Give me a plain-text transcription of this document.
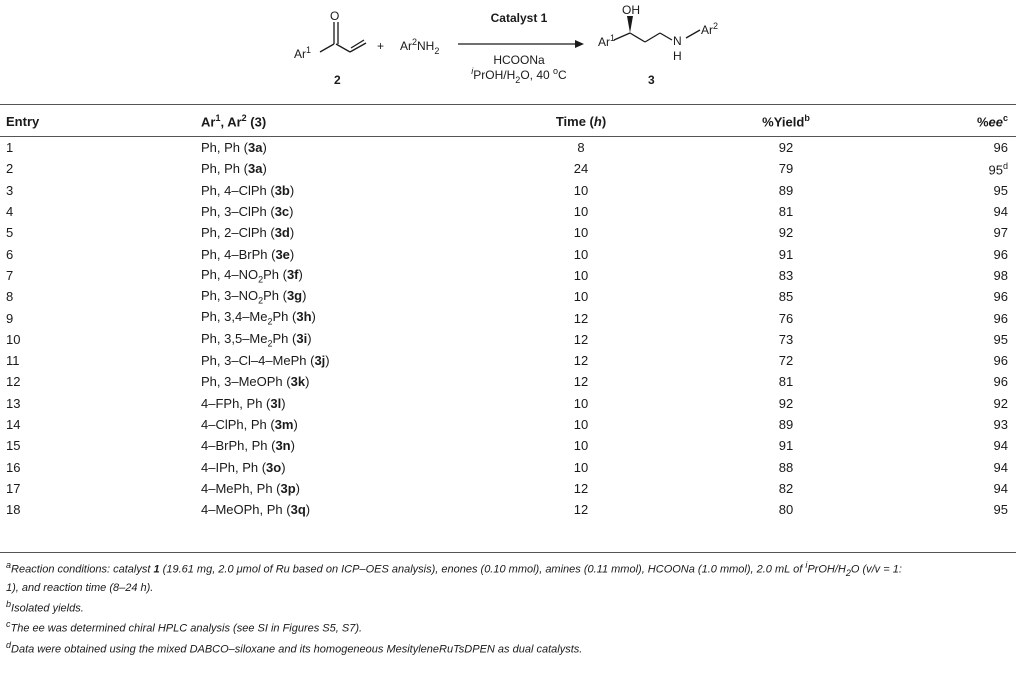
O
Ar$^1$
2
+ $Ar^2NH_2$
Catalyst 1
HCOONa
$^iPrOH/H_2O$, 40 $^o$C
OH
Ar$^1$	N
H
Ar$^2$
3
Entry	Ar$^1$, Ar$^2$ (3)	Time (h)	%Yield$^b$	$\%ee^c$

1	Ph, Ph (3a)	8	92	96
2	Ph, Ph (3a)	24	79	95$^d$
3	Ph, 4–ClPh (3b)	10	89	95
4	Ph, 3–ClPh (3c)	10	81	94
5	Ph, 2–ClPh (3d)	10	92	97
6	Ph, 4–BrPh (3e)	10	91	96
7	Ph, $4-NO_2Ph$ (3f)	10	83	98
8	Ph, $3-NO_2Ph$ (3g)	10	85	96
9	Ph, $3,4-Me_2Ph$ (3h)	12	76	96
10	Ph, $3,5-Me_2Ph$ (3i)	12	73	95
11	Ph, 3–Cl–4–MePh (3j)	12	72	96
12	Ph, 3–MeOPh (3k)	12	81	96
13	4–FPh, Ph (3l)	10	92	92
14	4–ClPh, Ph (3m)	10	89	93
15	4–BrPh, Ph (3n)	10	91	94
16	4–IPh, Ph (3o)	10	88	94
17	4–MePh, Ph (3p)	12	82	94
18	4–MeOPh, Ph (3q)	12	80	95
$^a$Reaction conditions: catalyst 1 (19.61 mg, 2.0 μmol of Ru based on ICP–OES analysis), enones (0.10 mmol), amines (0.11 mmol), HCOONa (1.0 mmol), 2.0 mL of $^iPrOH/H_2O$ (v/v = 1:
1), and reaction time (8–24 h).
$^b$Isolated yields.
$^c$The ee was determined chiral HPLC analysis (see SI in Figures S5, S7).
$^d$Data were obtained using the mixed DABCO–siloxane and its homogeneous MesityleneRuTsDPEN as dual catalysts.
